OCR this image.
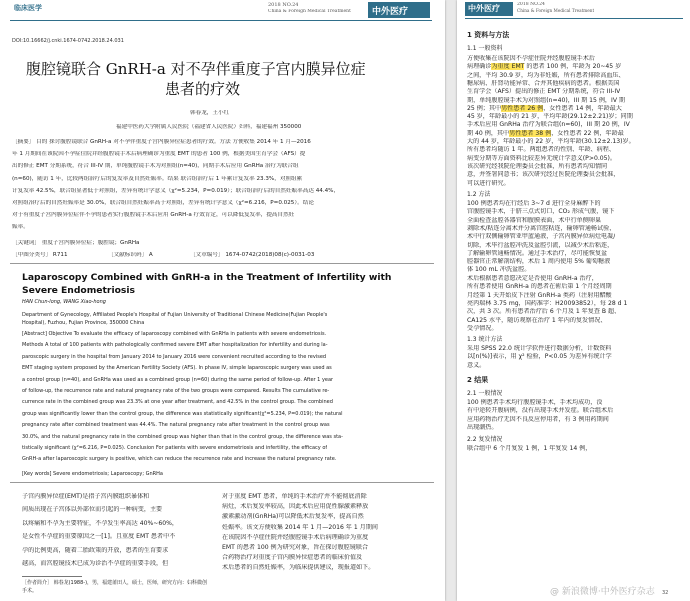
临床医学	2018 NO.24
China & Foreign Medical Treatment 中外医疗
DOI:10.16662/j.cnki.1674-0742.2018.24.031
腹腔镜联合 GnRH-a 对不孕伴重度子宫内膜异位症
患者的疗效
韩春龙，王小红
福建中医药大学附属人民医院（福建省人民医院）妇科，福建福州 350000
［摘要］ 目的 探讨腹腔镜联合 GnRH-a 对不孕伴重度子宫内膜异位症患者的疗效。方法 方便收集 2014 年 1 月—2016
年 1 月期间在该院因不孕症住院并经腹腔镜手术后病理确诊为重度 EMT 的患者 100 例，根据美国生育学会（AFS）提
出的修正 EMT 分期系统，符合 III-IV 期，单纯腹腔镜手术为对照组(n=40)，同期手术后应用 GnRHa 治疗为联合组
(n=60)，随访 1 年，比较两组治疗后的复发率及自然妊娠率。结果 联合组治疗后 1 年累计复发率 23.3%，对照组累
计复发率 42.5%，联合组显著低于对照组，差异有统计学意义（χ²=5.234，P=0.019）；联合组治疗后的自然妊娠率高达 44.4%，
对照组治疗后的自然妊娠率是 30.0%，联合组自然妊娠率高于对照组，差异有统计学意义（χ²=6.216，P=0.025）。结论
对于有重度子宫内膜异位症伴不孕的患者实行腹腔镜手术后应用 GnRH-a 疗效肯定，可以降低复发率，提高自然妊
娠率。
［关键词］ 重度子宫内膜异位症；腹腔镜；GnRHa
［中图分类号］ R711	［文献标识码］ A	［文章编号］ 1674-0742(2018)08(c)-0031-03
Laparoscopy Combined with GnRH-a in the Treatment of Infertility with
Severe Endometriosis
HAN Chun-long, WANG Xiao-hong
Department of Gynecology, Affiliated People's Hospital of Fujian University of Traditional Chinese Medicine(Fujian People's
Hospital), Fuzhou, Fujian Province, 350000 China
[Abstract] Objective To evaluate the efficacy of laparoscopy combined with GnRHa in patients with severe endometriosis.
Methods A total of 100 patients with pathologically confirmed severe EMT after hospitalization for infertility and during la-
paroscopic surgery in the hospital from January 2014 to January 2016 were convenient recruited according to the revised
EMT staging system proposed by the American Fertility Society (AFS). In phase IV, simple laparoscopic surgery was used as
a control group (n=40), and GnRHa was used as a combined group (n=60) during the same period of follow-up. After 1 year
of follow-up, the recurrence rate and natural pregnancy rate of the two groups were compared. Results The cumulative re-
currence rate in the combined group was 23.3% at one year after treatment, and 42.5% in the control group. The combined
group was significantly lower than the control group, the difference was statistically significant(χ²=5.234, P=0.019); the natural
pregnancy rate after combined treatment was 44.4%. The natural pregnancy rate after treatment in the control group was
30.0%, and the natural pregnancy rate in the combined group was higher than that in the control group, the difference was sta-
tistically significant (χ²=6.216, P=0.025). Conclusion For patients with severe endometriosis and infertility, the efficacy of
GnRH-a after laparoscopic surgery is positive, which can reduce the recurrence rate and increase the natural pregnancy rate.
[Key words] Severe endometriosis; Laparoscopy; GnRHa
子宫内膜异位症(EMT)是指子宫内膜组织暴体和
间质出现在子宫体以外部位而引起的一种病变，主要
以疼痛和不孕为主要特征，不孕发生率高达 40%~60%，
是女性不孕症的重要原因之一[1]。且重度 EMT 患者中不
孕的比例更高，随着二胎政策的开放，患者的生育要求
越高，而宫腔镜技术已成为诊治不孕症的重要手段，但
对于重度 EMT 患者，单纯的手术治疗并不能彻底消除
病灶，术后复发率较高，因此术后应用促性腺激素释放
激素激动剂(GnRHa)可以降低术后复发率，提高自然
妊娠率。该文方便收集 2014 年 1 月—2016 年 1 月期间
在该院因不孕症住院并经腹腔镜手术后病理确诊为重度
EMT 的患者 100 例为研究对象，旨在探讨腹腔镜联合
合药物治疗对重度子宫内膜异位症患者的临床价值及
术后患者的自然妊娠率，为临床提供建议，现报道如下。
［作者简介］ 韩春龙(1988-)，男，福建莆田人，硕士，医师，研究方向：妇科微创手术。
中外医疗	2018 NO.24
China & Foreign Medical Treatment
1 资料与方法
1.1 一般资料
方便收集在该院因不孕症住院并经腹腔镜手术后
病理确诊为重度 EMT 的患者 100 例，年龄为 20~45 岁
之间，平均 30.9 岁，均为非妊娠，所有患者排除高血压、
糖尿病、肝肾功能异常、合并其他疾病的患者。根据美国
生育学会（AFS）提出的修正 EMT 分期系统，符合 III-IV
期，单纯腹腔镜手术为对照组(n=40)，III 期 15 例，IV 期
25 例；其中男性患者 26 例，女性患者 14 例，年龄最大
45 岁，年龄最小的 21 岁，平均年龄(29.12±2.21)岁；同期
手术后应用 GnRHa 治疗为联合组(n=60)，III 期 20 例，IV
期 40 例，其中男性患者 38 例，女性患者 22 例，年龄最
大的 44 岁，年龄最小的 22 岁，平均年龄(30.12±2.13)岁。
所有患者均随访 1 年。两组患者的性别、年龄、病程、
病变分期等方面资料比较差异无统计学意义(P>0.05)。
该次研究经我院伦理委员会批准，所有患者均知情同
意，并签署同意书；该次研究经过医院伦理委员会批准，
可以进行研究。
1.2 方法
100 例患者均在行经后 3~7 d 进行全身麻醉下的
宫腹腔镜手术，于脐三点式切口，CO₂ 形成气腹，镜下
全面检查盆腔各器官和腹膜表面，术中行单侧卵巢
剥除术/粘连分离术并分离宫腔粘连，输卵管通畅试验，
术中行双侧输卵管亚甲蓝通液，子宫内膜异位病灶电凝/
切除，术毕行盆腔冲洗及盆腔引流，以减少术后粘连，
了解输卵管通畅情况。通过手术治疗，尽可能恢复盆
腔器官正常解剖结构，术后 1 周内使用 5% 葡萄糖液
体 100 mL 冲洗盆腔。
术后根据患者意愿决定是否使用 GnRH-a 治疗，
所有患者使用 GnRH-a 的患者在術后第 1 个月经周期
月经第 1 天开始皮下注射 GnRH-a 类药（注射用醋酸
亮丙瑞林 3.75 mg，国药准字：H20093852），每 28 d 1
次，共 3 次。所有患者治疗后 6 个月及 1 年复查 B 超、
CA125 水平，随访观察在治疗 1 年内的复发情况、
受孕情况。
1.3 统计方法
采用 SPSS 22.0 统计学软件进行数据分析，计数资料
以[n(%)]表示，用 χ² 检验，P<0.05 为差异有统计学
意义。
2 结果
2.1 一般情况
100 例患者手术均行腹腔镜手术，手术均成功，没
有中途转开腹病例，没有出现手术并发症。联合组术后
应用药物治疗无因不良反应停用者，有 3 例用药期间
出现潮热。
2.2 复发情况
联合组中 6 个月复发 1 例，1 年复发 14 例，
32
@ 新浪微博·中外医疗杂志
